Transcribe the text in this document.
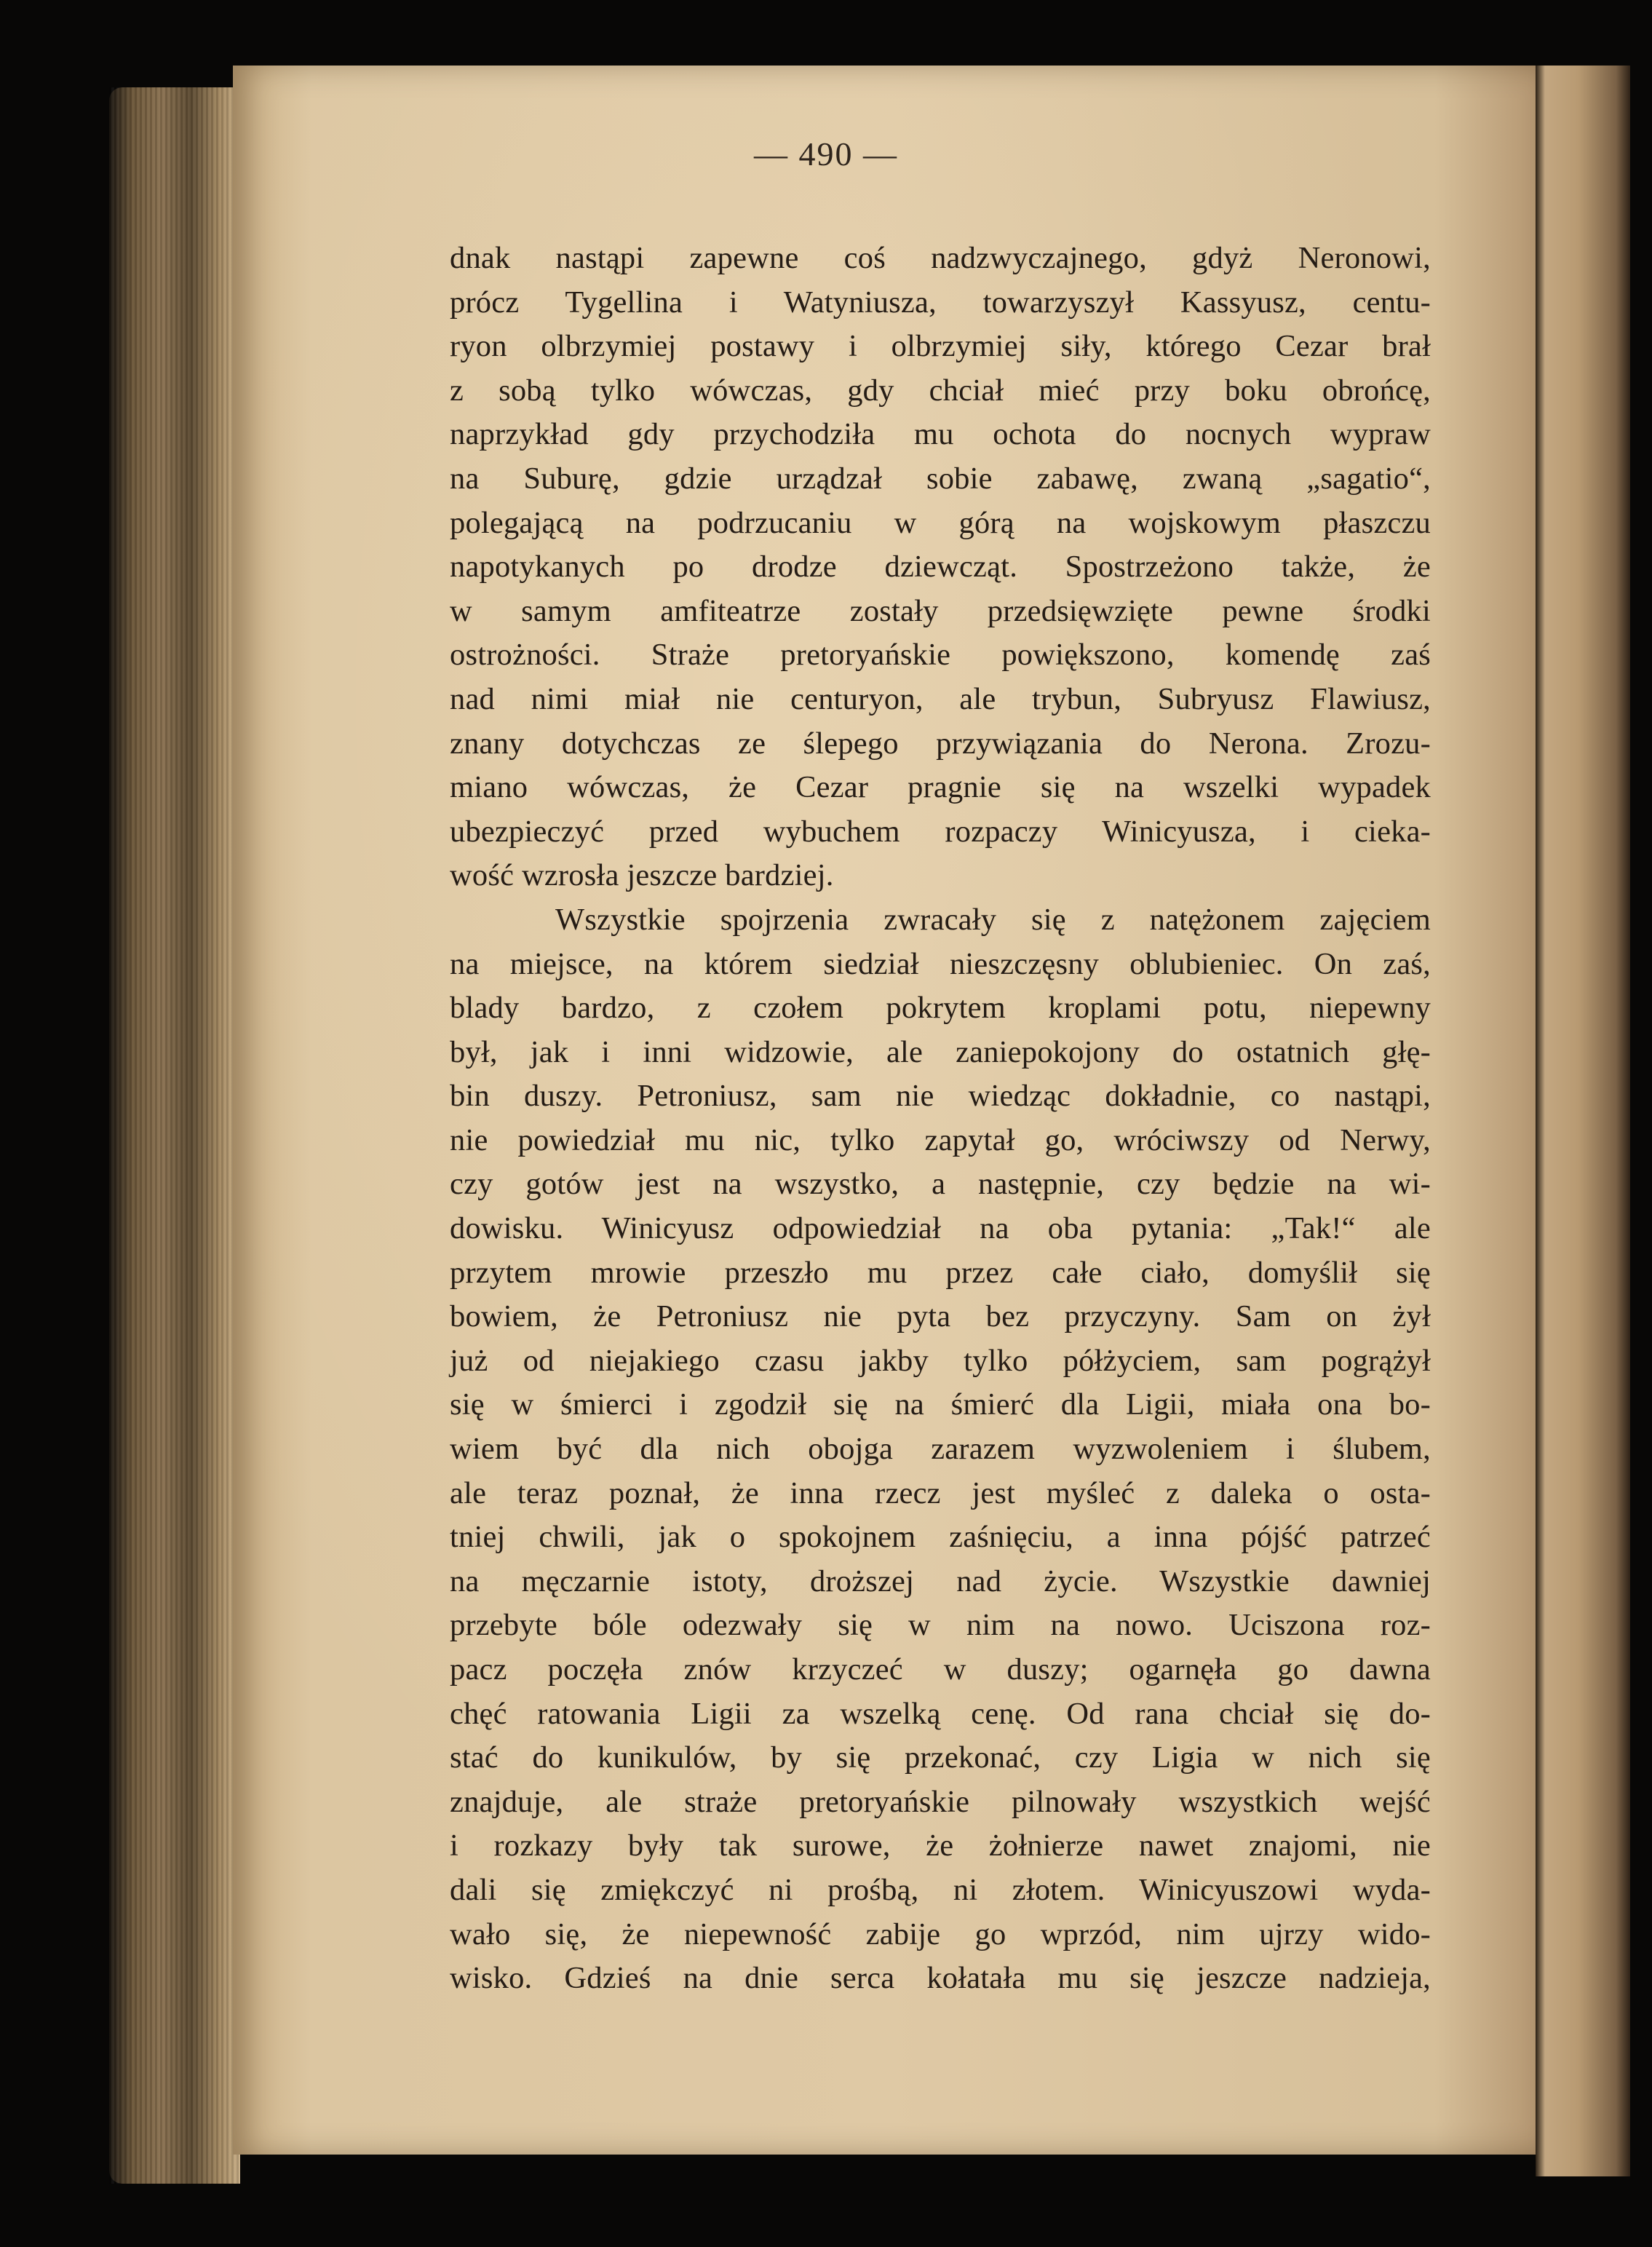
— 490 —
dnak nastąpi zapewne coś nadzwyczajnego, gdyż Neronowi,
prócz Tygellina i Watyniusza, towarzyszył Kassyusz, centu-
ryon olbrzymiej postawy i olbrzymiej siły, którego Cezar brał
z sobą tylko wówczas, gdy chciał mieć przy boku obrońcę,
naprzykład gdy przychodziła mu ochota do nocnych wypraw
na Suburę, gdzie urządzał sobie zabawę, zwaną „sagatio“,
polegającą na podrzucaniu w górą na wojskowym płaszczu
napotykanych po drodze dziewcząt. Spostrzeżono także, że
w samym amfiteatrze zostały przedsięwzięte pewne środki
ostrożności. Straże pretoryańskie powiększono, komendę zaś
nad nimi miał nie centuryon, ale trybun, Subryusz Flawiusz,
znany dotychczas ze ślepego przywiązania do Nerona. Zrozu-
miano wówczas, że Cezar pragnie się na wszelki wypadek
ubezpieczyć przed wybuchem rozpaczy Winicyusza, i cieka-
wość wzrosła jeszcze bardziej.
Wszystkie spojrzenia zwracały się z natężonem zajęciem
na miejsce, na którem siedział nieszczęsny oblubieniec. On zaś,
blady bardzo, z czołem pokrytem kroplami potu, niepewny
był, jak i inni widzowie, ale zaniepokojony do ostatnich głę-
bin duszy. Petroniusz, sam nie wiedząc dokładnie, co nastąpi,
nie powiedział mu nic, tylko zapytał go, wróciwszy od Nerwy,
czy gotów jest na wszystko, a następnie, czy będzie na wi-
dowisku. Winicyusz odpowiedział na oba pytania: „Tak!“ ale
przytem mrowie przeszło mu przez całe ciało, domyślił się
bowiem, że Petroniusz nie pyta bez przyczyny. Sam on żył
już od niejakiego czasu jakby tylko półżyciem, sam pogrążył
się w śmierci i zgodził się na śmierć dla Ligii, miała ona bo-
wiem być dla nich obojga zarazem wyzwoleniem i ślubem,
ale teraz poznał, że inna rzecz jest myśleć z daleka o osta-
tniej chwili, jak o spokojnem zaśnięciu, a inna pójść patrzeć
na męczarnie istoty, droższej nad życie. Wszystkie dawniej
przebyte bóle odezwały się w nim na nowo. Uciszona roz-
pacz poczęła znów krzyczeć w duszy; ogarnęła go dawna
chęć ratowania Ligii za wszelką cenę. Od rana chciał się do-
stać do kunikulów, by się przekonać, czy Ligia w nich się
znajduje, ale straże pretoryańskie pilnowały wszystkich wejść
i rozkazy były tak surowe, że żołnierze nawet znajomi, nie
dali się zmiękczyć ni prośbą, ni złotem. Winicyuszowi wyda-
wało się, że niepewność zabije go wprzód, nim ujrzy wido-
wisko. Gdzieś na dnie serca kołatała mu się jeszcze nadzieja,
